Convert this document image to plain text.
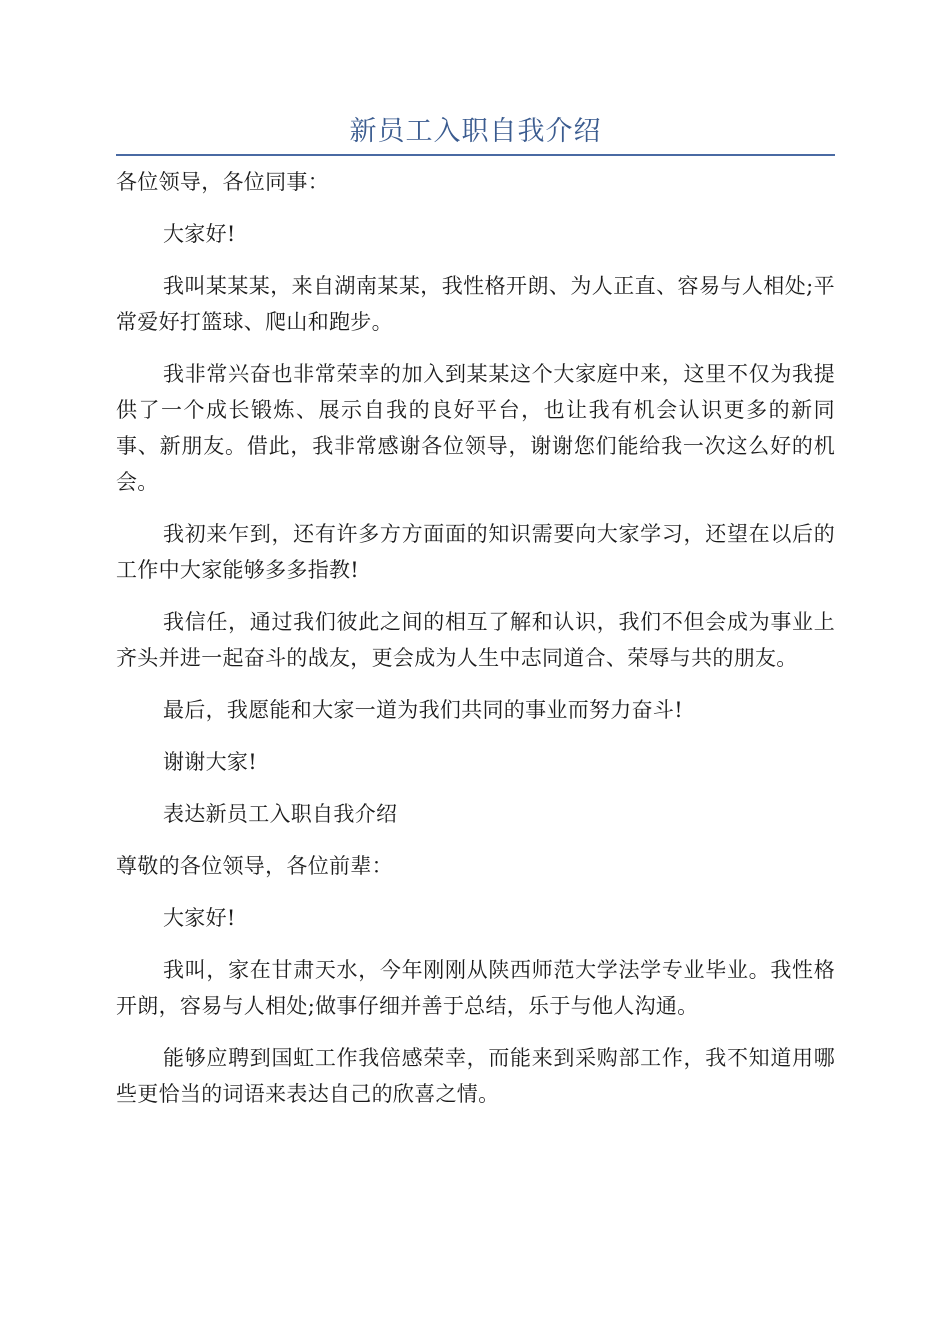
新员工入职自我介绍

各位领导，各位同事：

大家好!

我叫某某某，来自湖南某某，我性格开朗、为人正直、容易与人相处;平常爱好打篮球、爬山和跑步。

我非常兴奋也非常荣幸的加入到某某这个大家庭中来，这里不仅为我提供了一个成长锻炼、展示自我的良好平台，也让我有机会认识更多的新同事、新朋友。借此，我非常感谢各位领导，谢谢您们能给我一次这么好的机会。

我初来乍到，还有许多方方面面的知识需要向大家学习，还望在以后的工作中大家能够多多指教!

我信任，通过我们彼此之间的相互了解和认识，我们不但会成为事业上齐头并进一起奋斗的战友，更会成为人生中志同道合、荣辱与共的朋友。

最后，我愿能和大家一道为我们共同的事业而努力奋斗!

谢谢大家!

表达新员工入职自我介绍

尊敬的各位领导，各位前辈：

大家好!

我叫，家在甘肃天水，今年刚刚从陕西师范大学法学专业毕业。我性格开朗，容易与人相处;做事仔细并善于总结，乐于与他人沟通。

能够应聘到国虹工作我倍感荣幸，而能来到采购部工作，我不知道用哪些更恰当的词语来表达自己的欣喜之情。
